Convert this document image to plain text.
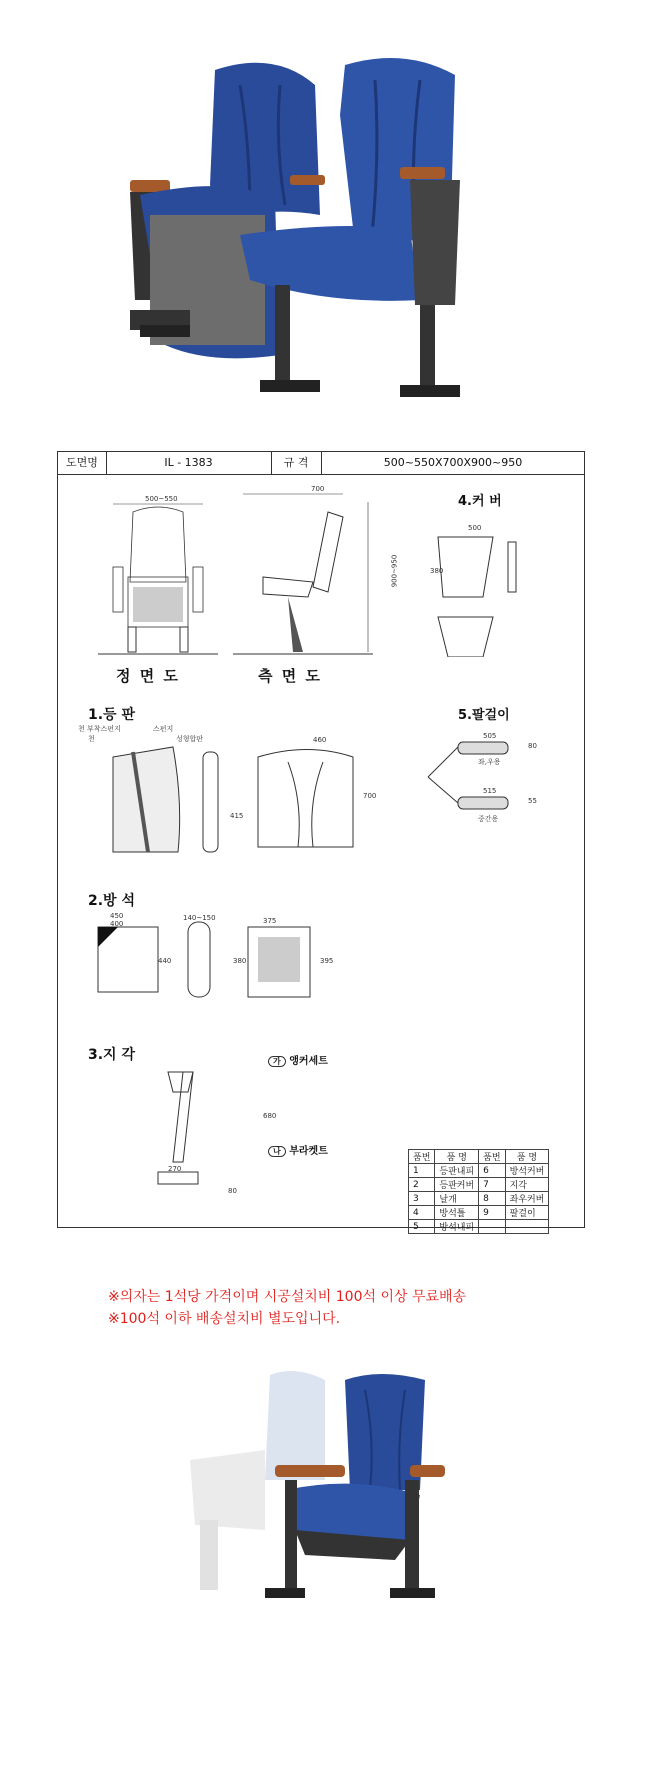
도면명	IL - 1383	규 격	500~550X700X900~950
500~550
정 면 도
700
900~950
측 면 도
4.커 버
500
380
1.등 판
천 부착스펀지
천
스펀지
성형합판	460
700
415
5.팔걸이
505
80
515
55
좌,우용
중간용
2.방 석
450
400
440
140~150	375
380	395
3.지 각
680
270
80
가 앵커세트
나 부라켓트
품번	품 명	품번	품 명
1	등판내피	6	방석커버
2	등판커버	7	지각
3	날개	8	좌우커버
4	방석틀	9	팔걸이
5	방석내피		
※의자는 1석당 가격이며 시공설치비 100석 이상 무료배송
※100석 이하 배송설치비 별도입니다.
